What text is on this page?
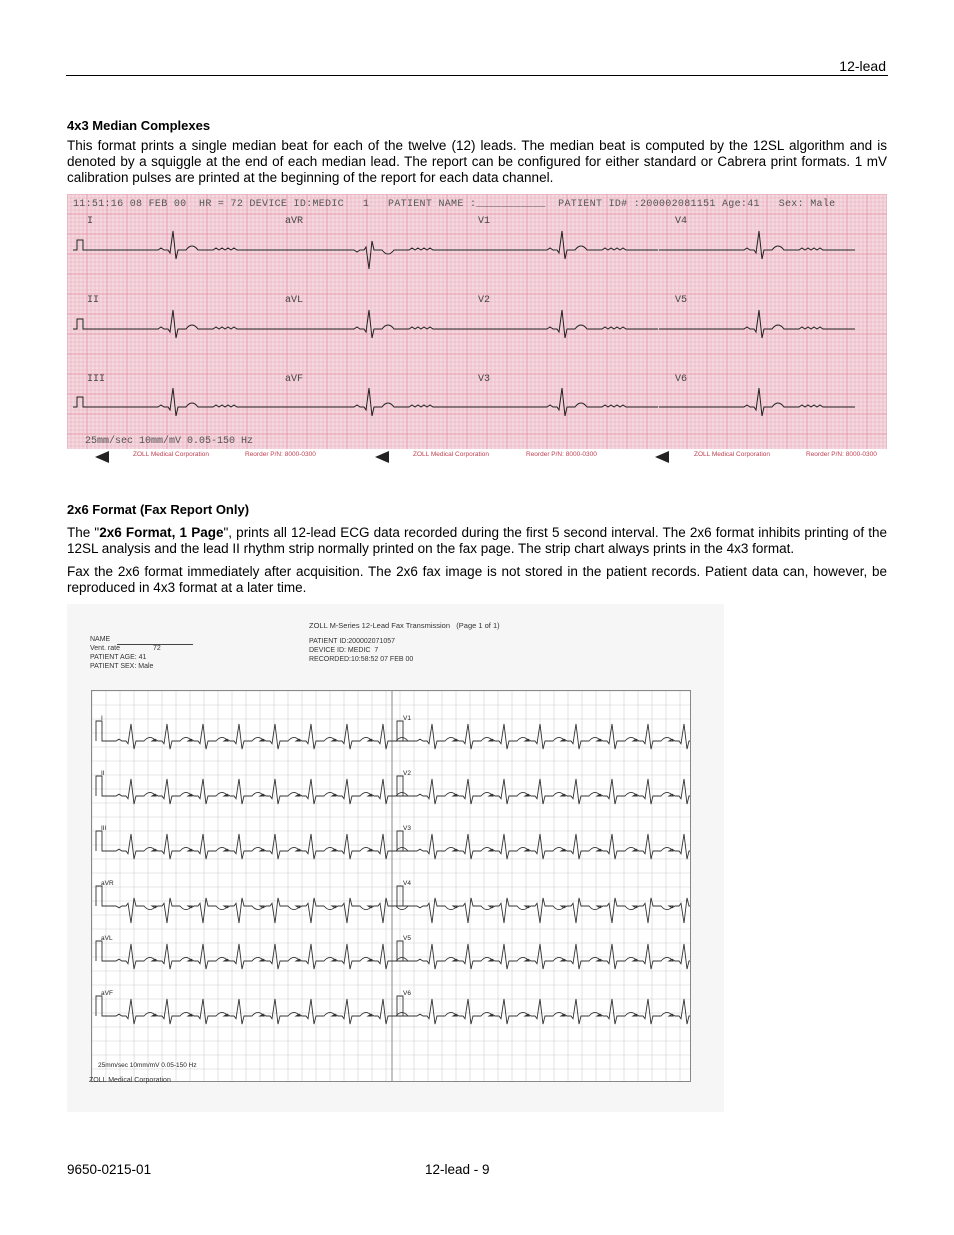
12-lead
4x3 Median Complexes
This format prints a single median beat for each of the twelve (12) leads. The median beat is computed by the 12SL algorithm and is denoted by a squiggle at the end of each median lead. The report can be configured for either standard or Cabrera print formats. 1 mV calibration pulses are printed at the beginning of the report for each data channel.
11:51:16 08 FEB 00  HR = 72 DEVICE ID:MEDIC   1   PATIENT NAME :___________  PATIENT ID# :200002081151 Age:41   Sex: Male
I	aVR	V1	V4
II	aVL	V2	V5
III	aVF	V3	V6
25mm/sec 10mm/mV 0.05-150 Hz
ZOLL Medical Corporation	Reorder P/N: 8000-0300	ZOLL Medical Corporation	Reorder P/N: 8000-0300	ZOLL Medical Corporation	Reorder P/N: 8000-0300
2x6 Format (Fax Report Only)
The "2x6 Format, 1 Page", prints all 12-lead ECG data recorded during the first 5 second interval. The 2x6 format inhibits printing of the 12SL analysis and the lead II rhythm strip normally printed on the fax page. The strip chart always prints in the 4x3 format.
Fax the 2x6 format immediately after acquisition. The 2x6 fax image is not stored in the patient records. Patient data can, however, be reproduced in 4x3 format at a later time.
ZOLL M-Series 12-Lead Fax Transmission   (Page 1 of 1)
NAME
Vent. rate	72
PATIENT AGE: 41
PATIENT SEX: Male
PATIENT ID:200002071057
DEVICE ID: MEDIC  7
RECORDED:10:58:52 07 FEB 00
I
II
III
aVR
aVL
aVF
V1
V2
V3
V4
V5
V6
25mm/sec 10mm/mV 0.05-150 Hz
ZOLL Medical Corporation
9650-0215-01	12-lead - 9
